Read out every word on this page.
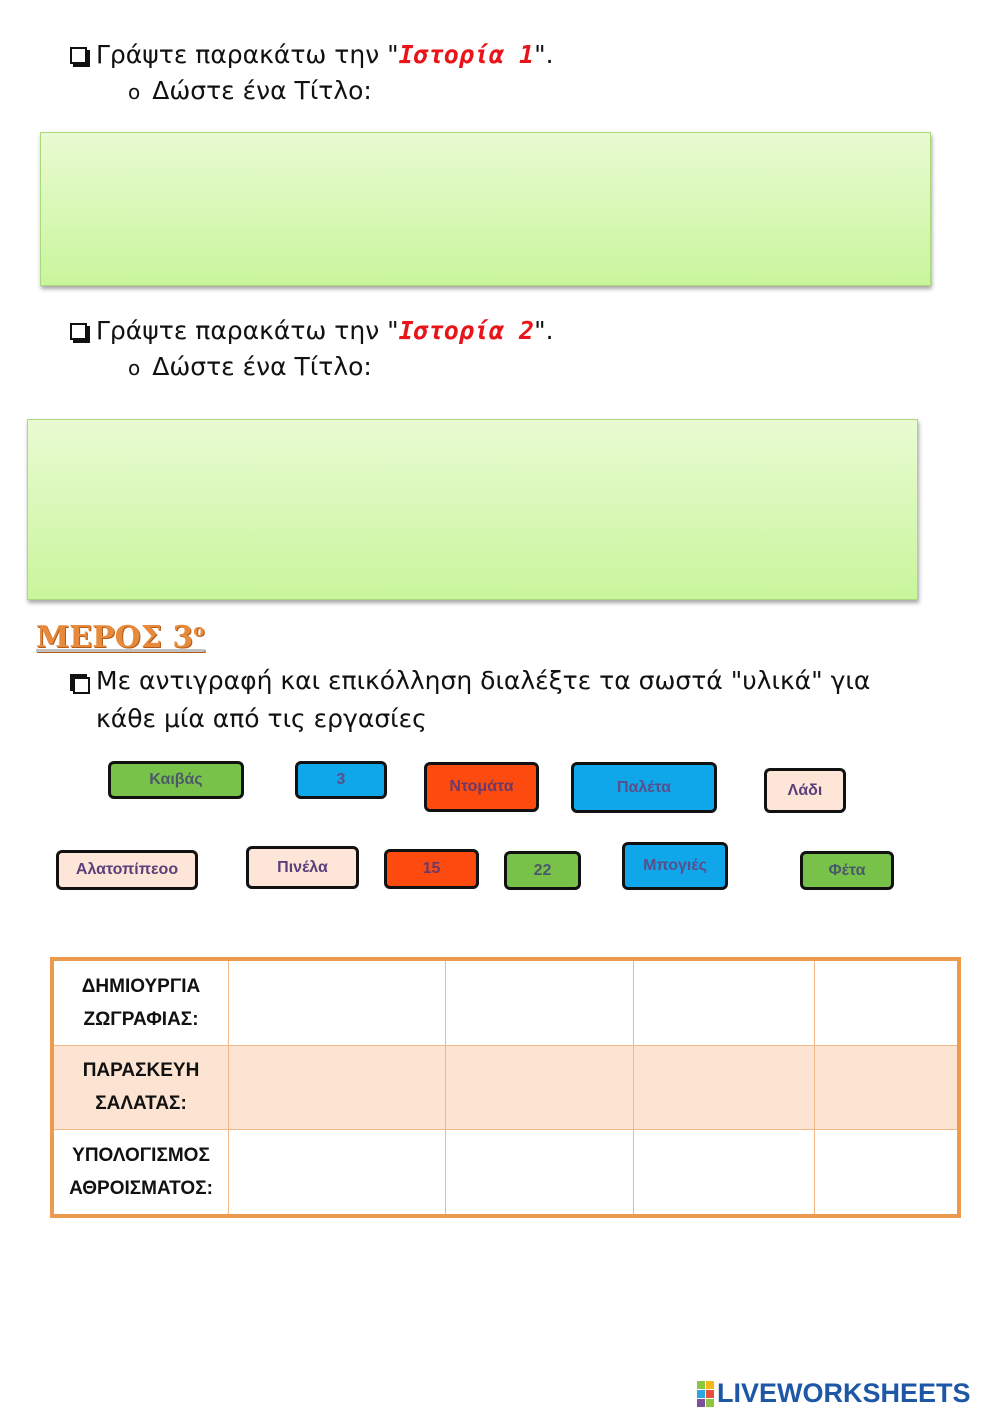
Γράψτε παρακάτω την "Ιστορία 1".
o Δώστε ένα Τίτλο:
Γράψτε παρακάτω την "Ιστορία 2".
o Δώστε ένα Τίτλο:
ΜΕΡΟΣ $3^o$
Με αντιγραφή και επικόλληση διαλέξτε τα σωστά "υλικά" για
κάθε μία από τις εργασίες
Καιβάς	3	Ντομάτα	Παλέτα	Λάδι
Αλατοπίπεοο	Πινέλα	15	22	Μπογιές	Φέτα
ΔΗΜΙΟΥΡΓΙΑ
ΖΩΓΡΑΦΙΑΣ:				

ΠΑΡΑΣΚΕΥΗ
ΣΑΛΑΤΑΣ:				

ΥΠΟΛΟΓΙΣΜΟΣ
ΑΘΡΟΙΣΜΑΤΟΣ:				

LIVEWORKSHEETS
